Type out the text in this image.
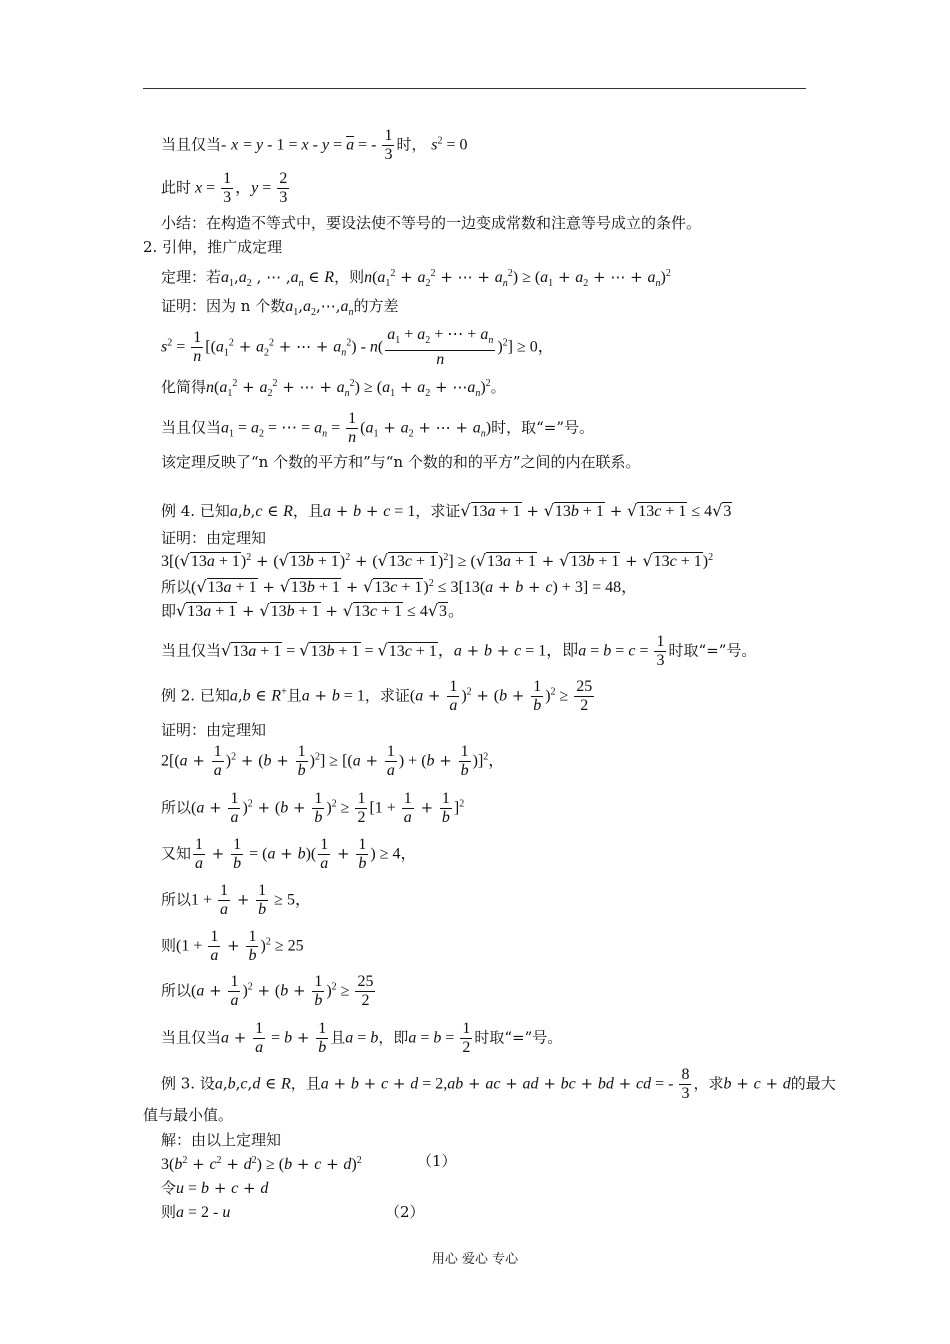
当且仅当- $x = y - 1 = x - y = \overline{a}$ = - $\frac{1}{3}$ 时， $s^2 = 0$
此时 $x = \frac{1}{3}$ ，$y = \frac{2}{3}$
小结：在构造不等式中，要设法使不等号的一边变成常数和注意等号成立的条件。
2. 引伸，推广成定理
定理：若$a_1,a_2$ , ⋯ $,a_n$ ∈ R，则$n(a_1^2 + a_2^2$ + ⋯ + $a_n^2) \ge (a_1 + a_2$ + ⋯ + $a_n)^2$
证明：因为 n 个数$a_1,a_2,\cdots,a_n$的方差
$s^2 = \frac{1}{n} [(a_1^2 + a_2^2$ + ⋯ + $a_n^2) - n( \frac{a_1 + a_2 + \cdots + a_n}{n} )^2] \ge 0$，
化简得$n(a_1^2 + a_2^2$ + ⋯ + $a_n^2) \ge (a_1 + a_2$ + $\cdots a_n)^2$。
当且仅当$a_1 = a_2$ = ⋯ = $a_n = \frac{1}{n} (a_1 + a_2$ + ⋯ + $a_n$)时，取“=”号。
该定理反映了“n 个数的平方和”与“n 个数的和的平方”之间的内在联系。
例 4. 已知a,b,c ∈ R，且a + b + c = 1，求证√13a + 1 + √13b + 1 + √13c + 1 ≤ 4√3
证明：由定理知
$3[(√13a + 1)^2 + (√13b + 1)^2 + (√13c + 1)^2] \ge (√13a + 1 + √13b + 1 + √13c + 1)^2$
所以$(√13a + 1 + √13b + 1 + √13c + 1)^2 \le 3[13(a + b + c) + 3] = 48$，
即√13a + 1 + √13b + 1 + √13c + 1 ≤ 4√3。
当且仅当√13a + 1 = √13b + 1 = √13c + 1，a + b + c = 1，即$a = b = c = \frac{1}{3}$ 时取“=”号。
例 2. 已知a,b ∈ R+且a + b = 1，求证$(a + \frac{1}{a} )^2 + (b + \frac{1}{b} )^2 \ge \frac{25}{2}$
证明：由定理知
$2[(a + \frac{1}{a} )^2 + (b + \frac{1}{b} )^2] \ge [(a + \frac{1}{a}$ ) + $(b + \frac{1}{b} )]^2$，
所以$(a + \frac{1}{a} )^2 + (b + \frac{1}{b} )^2 \ge \frac{1}{2} [1 + \frac{1}{a} + \frac{1}{b} ]^2$
又知 $\frac{1}{a} + \frac{1}{b} = (a + b)( \frac{1}{a} + \frac{1}{b}$ ) ≥ 4，
所以$1 + \frac{1}{a} + \frac{1}{b} \ge 5$，
则$(1 + \frac{1}{a} + \frac{1}{b} )^2 \ge 25$
所以$(a + \frac{1}{a} )^2 + (b + \frac{1}{b} )^2 \ge \frac{25}{2}$
当且仅当$a + \frac{1}{a} = b + \frac{1}{b}$ 且a = b，即$a = b = \frac{1}{2}$ 时取“=”号。
例 3. 设a,b,c,d ∈ R，且a + b + c + d = 2,ab + ac + ad + bc + bd + cd = - $\frac{8}{3}$ ，求b + c + d的最大
值与最小值。
解：由以上定理知
$3(b^2 + c^2 + d^2) \ge (b + c + d)^2$	（1）
令u = b + c + d
则a = 2 - u	（2）
用心 爱心 专心
